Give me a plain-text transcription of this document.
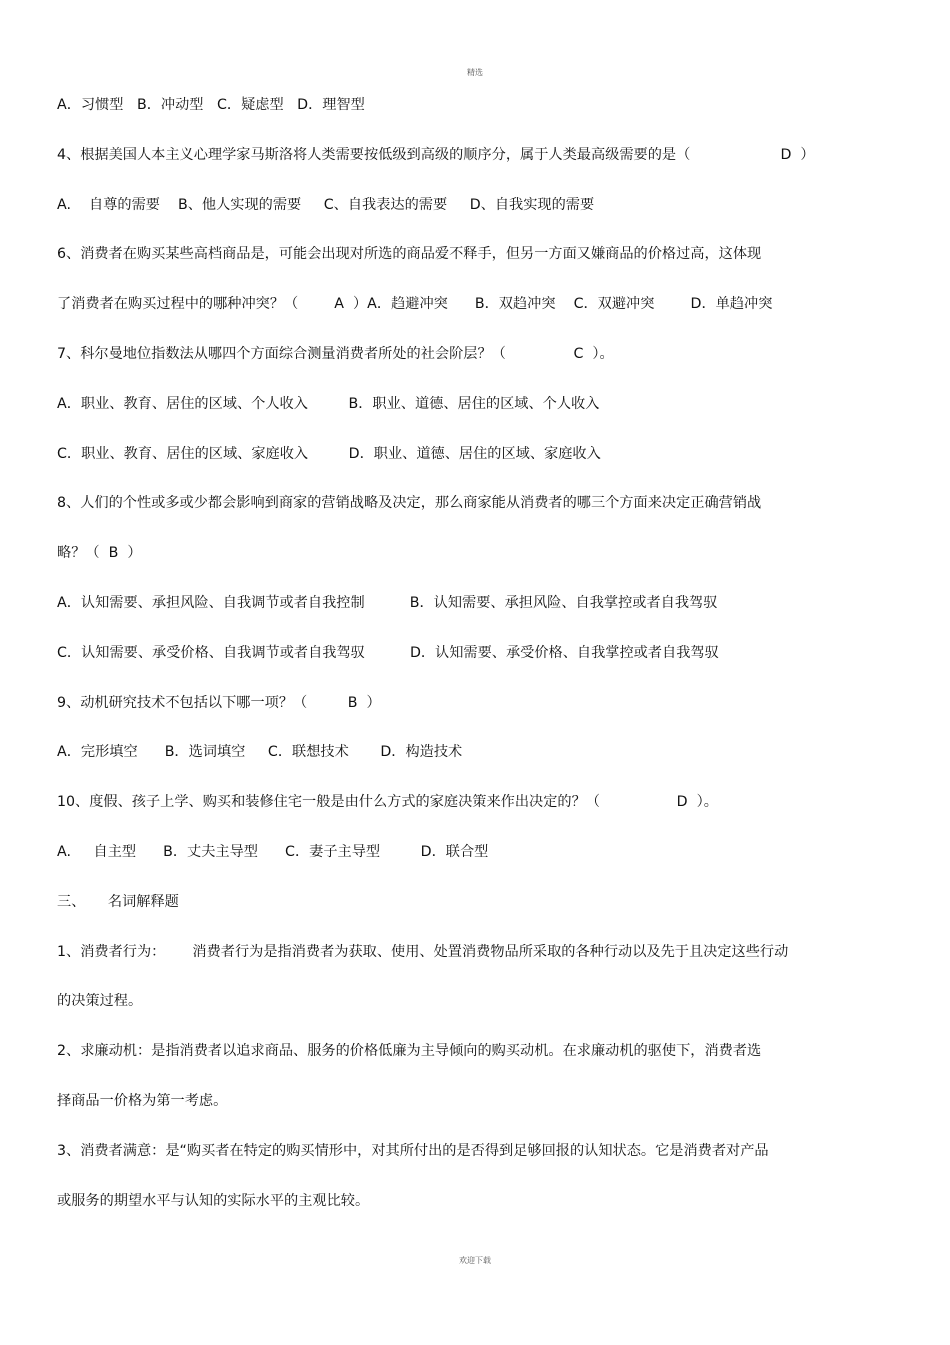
精选
A．习惯型   B．冲动型   C．疑虑型   D．理智型
4、根据美国人本主义心理学家马斯洛将人类需要按低级到高级的顺序分，属于人类最高级需要的是（                    D  ）
A.    自尊的需要    B、他人实现的需要     C、自我表达的需要     D、自我实现的需要
6、消费者在购买某些高档商品是，可能会出现对所选的商品爱不释手，但另一方面又嫌商品的价格过高，这体现
了消费者在购买过程中的哪种冲突？（        A  ）A．趋避冲突      B．双趋冲突    C．双避冲突        D．单趋冲突
7、科尔曼地位指数法从哪四个方面综合测量消费者所处的社会阶层？（               C  ）。
A．职业、教育、居住的区域、个人收入         B．职业、道德、居住的区域、个人收入
C．职业、教育、居住的区域、家庭收入         D．职业、道德、居住的区域、家庭收入
8、人们的个性或多或少都会影响到商家的营销战略及决定，那么商家能从消费者的哪三个方面来决定正确营销战
略？（  B  ）
A．认知需要、承担风险、自我调节或者自我控制          B．认知需要、承担风险、自我掌控或者自我驾驭
C．认知需要、承受价格、自我调节或者自我驾驭          D．认知需要、承受价格、自我掌控或者自我驾驭
9、动机研究技术不包括以下哪一项？（         B  ）
A．完形填空      B．选词填空     C．联想技术       D．构造技术
10、度假、孩子上学、购买和装修住宅一般是由什么方式的家庭决策来作出决定的？（                 D  ）。
A.     自主型      B．丈夫主导型      C．妻子主导型         D．联合型
三、     名词解释题
1、消费者行为：      消费者行为是指消费者为获取、使用、处置消费物品所采取的各种行动以及先于且决定这些行动
的决策过程。
2、求廉动机：是指消费者以追求商品、服务的价格低廉为主导倾向的购买动机。在求廉动机的驱使下，消费者选
择商品一价格为第一考虑。
3、消费者满意：是“购买者在特定的购买情形中，对其所付出的是否得到足够回报的认知状态。它是消费者对产品
或服务的期望水平与认知的实际水平的主观比较。
欢迎下载
